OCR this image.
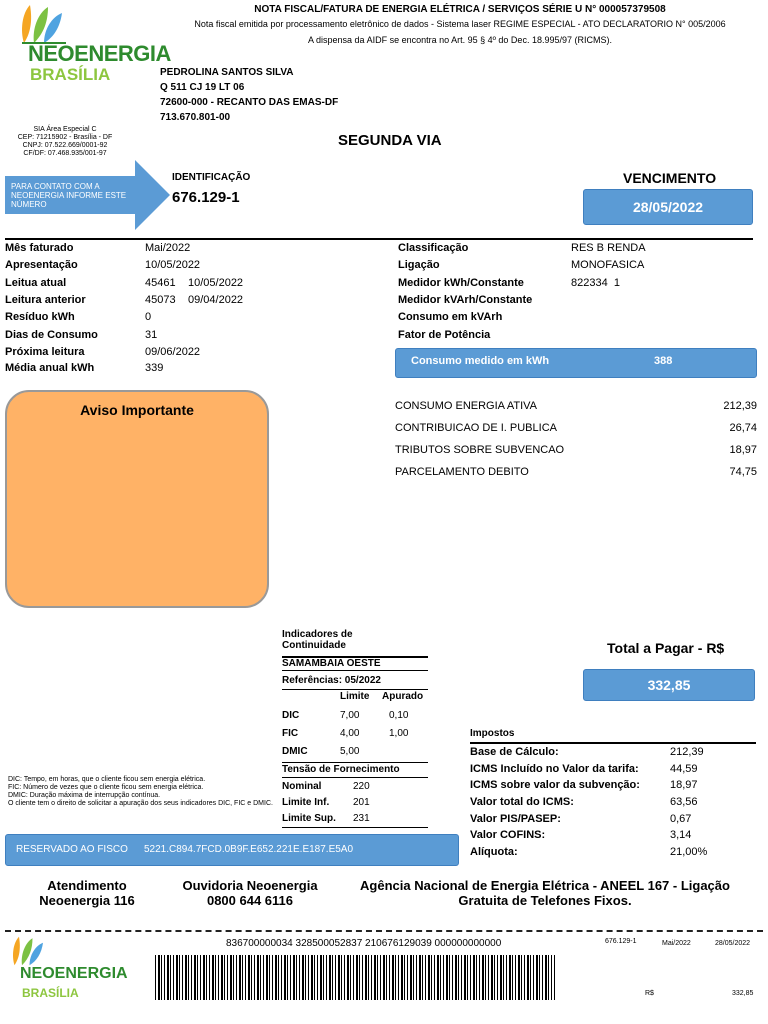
NOTA FISCAL/FATURA DE ENERGIA ELÉTRICA / SERVIÇOS SÉRIE U N° 000057379508
Nota fiscal emitida por processamento eletrônico de dados - Sistema laser REGIME ESPECIAL - ATO DECLARATORIO N° 005/2006
A dispensa da AIDF se encontra no Art. 95 § 4º do Dec. 18.995/97 (RICMS).
NEOENERGIA
BRASÍLIA	PEDROLINA SANTOS SILVA
Q 511 CJ 19 LT 06
72600-000 - RECANTO DAS EMAS-DF
713.670.801-00
SIA Área Especial C
CEP: 71215902 - Brasília - DF
CNPJ: 07.522.669/0001-92
CF/DF: 07.468.935/001-97
SEGUNDA VIA
PARA CONTATO COM A NEOENERGIA INFORME ESTE NÚMERO
IDENTIFICAÇÃO
676.129-1
VENCIMENTO
28/05/2022
Mês faturado	Mai/2022
Apresentação	10/05/2022
Leitua atual	45461 10/05/2022
Leitura anterior	45073 09/04/2022
Resíduo kWh	0
Dias de Consumo	31
Próxima leitura	09/06/2022
Média anual kWh	339
Classificação	RES B RENDA
Ligação	MONOFASICA
Medidor kWh/Constante	822334  1
Medidor kVArh/Constante
Consumo em kVArh
Fator de Potência
Consumo medido em kWh	388
Aviso Importante	CONSUMO ENERGIA ATIVA	212,39
CONTRIBUICAO DE I. PUBLICA	26,74
TRIBUTOS SOBRE SUBVENCAO	18,97
PARCELAMENTO DEBITO	74,75
Indicadores de Continuidade
SAMAMBAIA OESTE
Referências: 05/2022
Limite Apurado
DIC	7,00	0,10
FIC	4,00	1,00
DMIC	5,00
Tensão de Fornecimento
Nominal	220
Limite Inf. 201
Limite Sup. 231
DIC: Tempo, em horas, que o cliente ficou sem energia elétrica.
FIC: Número de vezes que o cliente ficou sem energia elétrica.
DMIC: Duração máxima de interrupção contínua.
O cliente tem o direito de solicitar a apuração dos seus indicadores DIC, FIC e DMIC.
Total a Pagar - R$
332,85
Impostos
Base de Cálculo:	212,39
ICMS Incluído no Valor da tarifa:	44,59
ICMS sobre valor da subvenção:	18,97
Valor total do ICMS:	63,56
Valor PIS/PASEP:	0,67
Valor COFINS:	3,14
Alíquota:	21,00%
RESERVADO AO FISCO 5221.C894.7FCD.0B9F.E652.221E.E187.E5A0
Atendimento Neoenergia 116
Ouvidoria Neoenergia
0800 644 6116
Agência Nacional de Energia Elétrica - ANEEL 167 - Ligação Gratuita de Telefones Fixos.
NEOENERGIA
BRASÍLIA
836700000034 328500052837 210676129039 000000000000	676.129-1	Mai/2022	28/05/2022
R$	332,85
